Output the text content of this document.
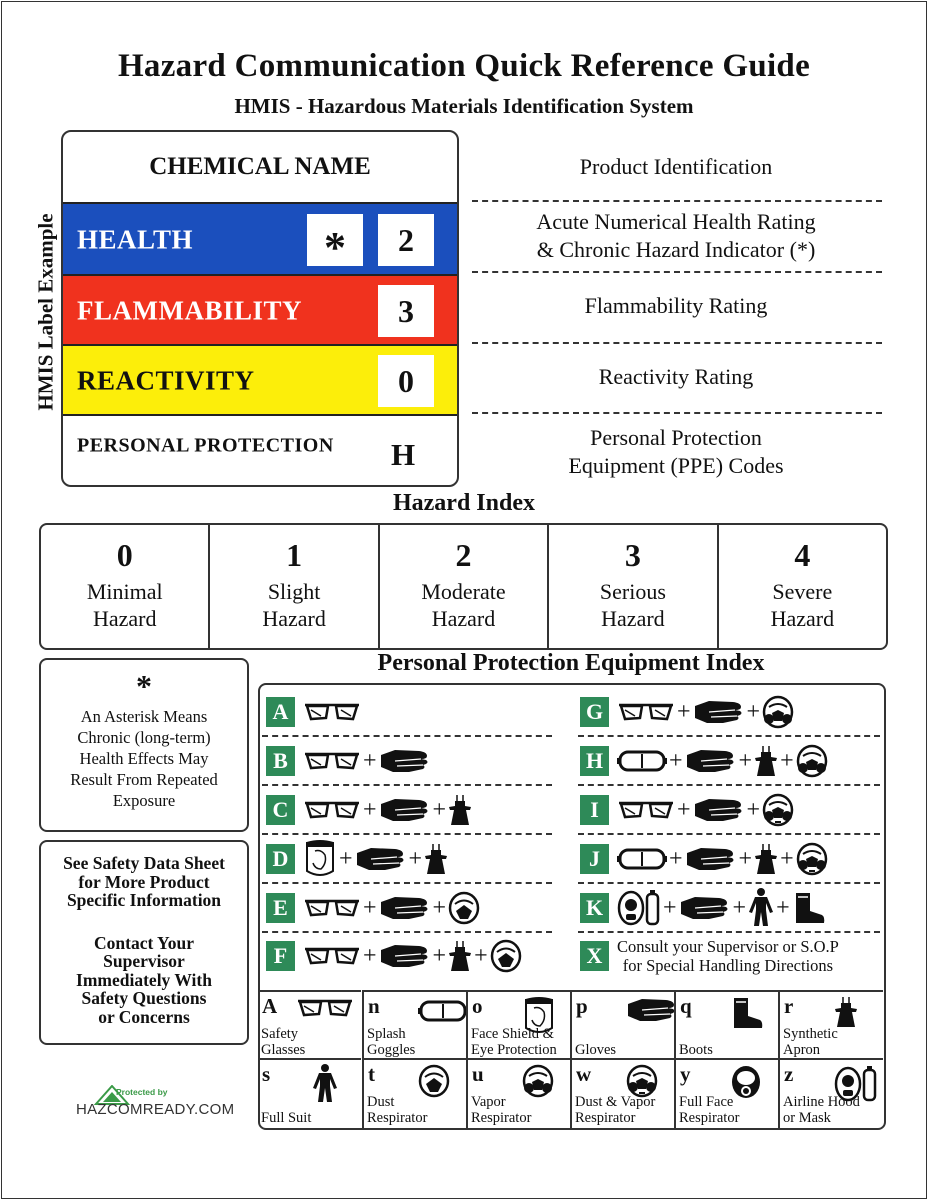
Hazard Communication Quick Reference Guide
HMIS - Hazardous Materials Identification System
HMIS Label Example
CHEMICAL NAME
HEALTH	* 2
FLAMMABILITY	3
REACTIVITY	0
PERSONAL PROTECTION H
Product Identification
Acute Numerical Health Rating
& Chronic Hazard Indicator (*)
Flammability Rating
Reactivity Rating
Personal Protection
Equipment (PPE) Codes
Hazard Index
0
Minimal
Hazard
1
Slight
Hazard
2
Moderate
Hazard
3
Serious
Hazard
4
Severe
Hazard
*
An Asterisk Means
Chronic (long-term)
Health Effects May
Result From Repeated
Exposure
See Safety Data Sheet
for More Product
Specific Information
Contact Your
Supervisor
Immediately With
Safety Questions
or Concerns
Protected by
HAZCOMREADY.COM
Personal Protection Equipment Index
A
B	+
C	+ +
D + +
E	+ +
F	+ + +
G	+ +
H	+ + +
I	+ +
J	+ + +
K + + +
X Consult your Supervisor or S.O.P
for Special Handling Directions
A
Safety
Glasses
n
Splash
Goggles
o
Face Shield &
Eye Protection
p
Gloves
q
Boots
r
Synthetic
Apron
s
Full Suit
t
Dust
Respirator
u
Vapor
Respirator
w
Dust & Vapor
Respirator
y
Full Face
Respirator
z
Airline Hood
or Mask
